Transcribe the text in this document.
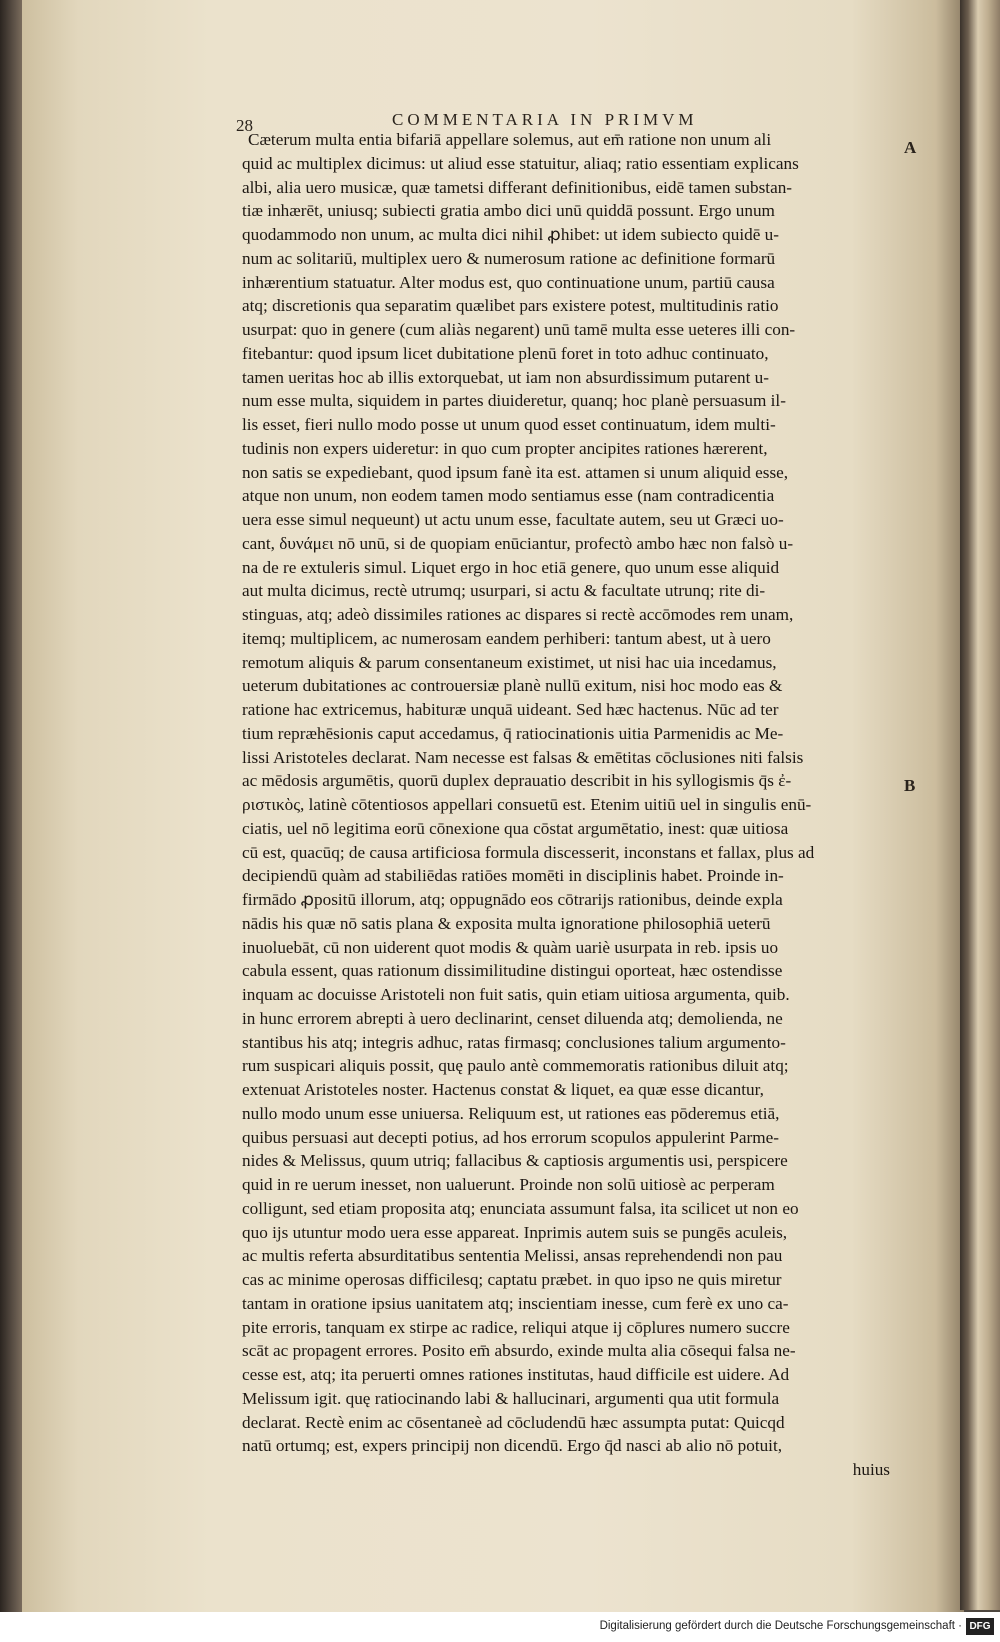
28	COMMENTARIA IN PRIMVM
A
B
Cæterum multa entia bifariā appellare solemus, aut em̄ ratione non unum ali
quid ac multiplex dicimus: ut aliud esse statuitur, aliaq; ratio essentiam explicans
albi, alia uero musicæ, quæ tametsi differant definitionibus, eidē tamen substan-
tiæ inhærēt, uniusq; subiecti gratia ambo dici unū quiddā possunt. Ergo unum
quodammodo non unum, ac multa dici nihil ꝓhibet: ut idem subiecto quidē u-
num ac solitariū, multiplex uero & numerosum ratione ac definitione formarū
inhærentium statuatur. Alter modus est, quo continuatione unum, partiū causa
atq; discretionis qua separatim quælibet pars existere potest, multitudinis ratio
usurpat: quo in genere (cum aliàs negarent) unū tamē multa esse ueteres illi con-
fitebantur: quod ipsum licet dubitatione plenū foret in toto adhuc continuato,
tamen ueritas hoc ab illis extorquebat, ut iam non absurdissimum putarent u-
num esse multa, siquidem in partes diuideretur, quanq; hoc planè persuasum il-
lis esset, fieri nullo modo posse ut unum quod esset continuatum, idem multi-
tudinis non expers uideretur: in quo cum propter ancipites rationes hærerent,
non satis se expediebant, quod ipsum fanè ita est. attamen si unum aliquid esse,
atque non unum, non eodem tamen modo sentiamus esse (nam contradicentia
uera esse simul nequeunt) ut actu unum esse, facultate autem, seu ut Græci uo-
cant, δυνάμει nō unū, si de quopiam enūciantur, profectò ambo hæc non falsò u-
na de re extuleris simul. Liquet ergo in hoc etiā genere, quo unum esse aliquid
aut multa dicimus, rectè utrumq; usurpari, si actu & facultate utrunq; rite di-
stinguas, atq; adeò dissimiles rationes ac dispares si rectè accōmodes rem unam,
itemq; multiplicem, ac numerosam eandem perhiberi: tantum abest, ut à uero
remotum aliquis & parum consentaneum existimet, ut nisi hac uia incedamus,
ueterum dubitationes ac controuersiæ planè nullū exitum, nisi hoc modo eas &
ratione hac extricemus, habituræ unquā uideant. Sed hæc hactenus. Nūc ad ter
tium repræhēsionis caput accedamus, q̄ ratiocinationis uitia Parmenidis ac Me-
lissi Aristoteles declarat. Nam necesse est falsas & emētitas cōclusiones niti falsis
ac mēdosis argumētis, quorū duplex deprauatio describit in his syllogismis q̄s ἐ-
ριστικὸς, latinè cōtentiosos appellari consuetū est. Etenim uitiū uel in singulis enū-
ciatis, uel nō legitima eorū cōnexione qua cōstat argumētatio, inest: quæ uitiosa
cū est, quacūq; de causa artificiosa formula discesserit, inconstans et fallax, plus ad
decipiendū quàm ad stabiliēdas ratiōes momēti in disciplinis habet. Proinde in-
firmādo ꝓpositū illorum, atq; oppugnādo eos cōtrarijs rationibus, deinde expla
nādis his quæ nō satis plana & exposita multa ignoratione philosophiā ueterū
inuoluebāt, cū non uiderent quot modis & quàm uariè usurpata in reb. ipsis uo
cabula essent, quas rationum dissimilitudine distingui oporteat, hæc ostendisse
inquam ac docuisse Aristoteli non fuit satis, quin etiam uitiosa argumenta, quib.
in hunc errorem abrepti à uero declinarint, censet diluenda atq; demolienda, ne
stantibus his atq; integris adhuc, ratas firmasq; conclusiones talium argumento-
rum suspicari aliquis possit, quę paulo antè commemoratis rationibus diluit atq;
extenuat Aristoteles noster. Hactenus constat & liquet, ea quæ esse dicantur,
nullo modo unum esse uniuersa. Reliquum est, ut rationes eas pōderemus etiā,
quibus persuasi aut decepti potius, ad hos errorum scopulos appulerint Parme-
nides & Melissus, quum utriq; fallacibus & captiosis argumentis usi, perspicere
quid in re uerum inesset, non ualuerunt. Proinde non solū uitiosè ac perperam
colligunt, sed etiam proposita atq; enunciata assumunt falsa, ita scilicet ut non eo
quo ijs utuntur modo uera esse appareat. Inprimis autem suis se pungēs aculeis,
ac multis referta absurditatibus sententia Melissi, ansas reprehendendi non pau
cas ac minime operosas difficilesq; captatu præbet. in quo ipso ne quis miretur
tantam in oratione ipsius uanitatem atq; inscientiam inesse, cum ferè ex uno ca-
pite erroris, tanquam ex stirpe ac radice, reliqui atque ij cōplures numero succre
scāt ac propagent errores. Posito em̄ absurdo, exinde multa alia cōsequi falsa ne-
cesse est, atq; ita peruerti omnes rationes institutas, haud difficile est uidere. Ad
Melissum igit. quę ratiocinando labi & hallucinari, argumenti qua utit formula
declarat. Rectè enim ac cōsentaneè ad cōcludendū hæc assumpta putat: Quicqd
natū ortumq; est, expers principij non dicendū. Ergo q̄d nasci ab alio nō potuit,
huius
Digitalisierung gefördert durch die Deutsche Forschungsgemeinschaft · DFG
